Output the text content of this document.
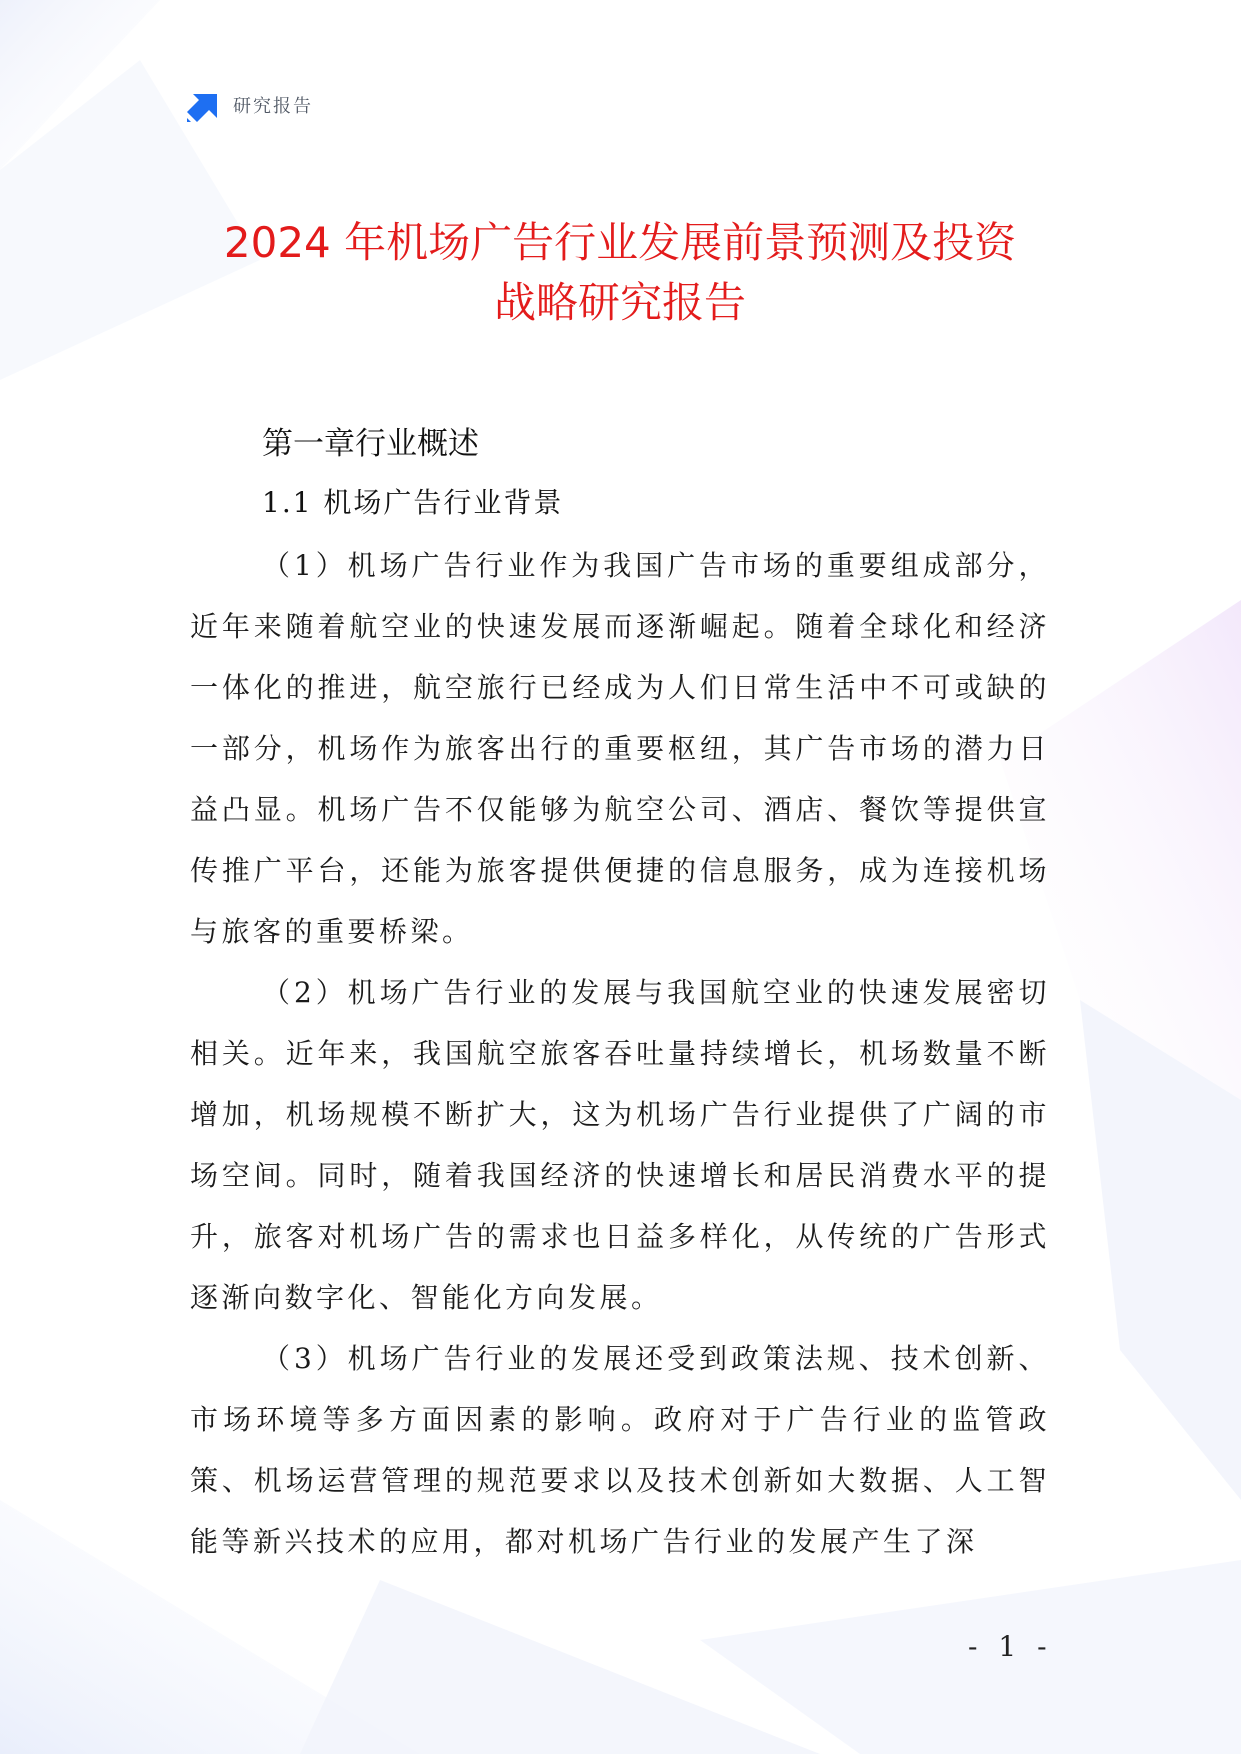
研究报告
2024 年机场广告行业发展前景预测及投资
战略研究报告
第一章行业概述
1.1 机场广告行业背景

（1）机场广告行业作为我国广告市场的重要组成部分，近年来随着航空业的快速发展而逐渐崛起。随着全球化和经济一体化的推进，航空旅行已经成为人们日常生活中不可或缺的一部分，机场作为旅客出行的重要枢纽，其广告市场的潜力日益凸显。机场广告不仅能够为航空公司、酒店、餐饮等提供宣传推广平台，还能为旅客提供便捷的信息服务，成为连接机场与旅客的重要桥梁。

（2）机场广告行业的发展与我国航空业的快速发展密切相关。近年来，我国航空旅客吞吐量持续增长，机场数量不断增加，机场规模不断扩大，这为机场广告行业提供了广阔的市场空间。同时，随着我国经济的快速增长和居民消费水平的提升，旅客对机场广告的需求也日益多样化，从传统的广告形式逐渐向数字化、智能化方向发展。

（3）机场广告行业的发展还受到政策法规、技术创新、市场环境等多方面因素的影响。政府对于广告行业的监管政策、机场运营管理的规范要求以及技术创新如大数据、人工智能等新兴技术的应用，都对机场广告行业的发展产生了深

- 1 -
